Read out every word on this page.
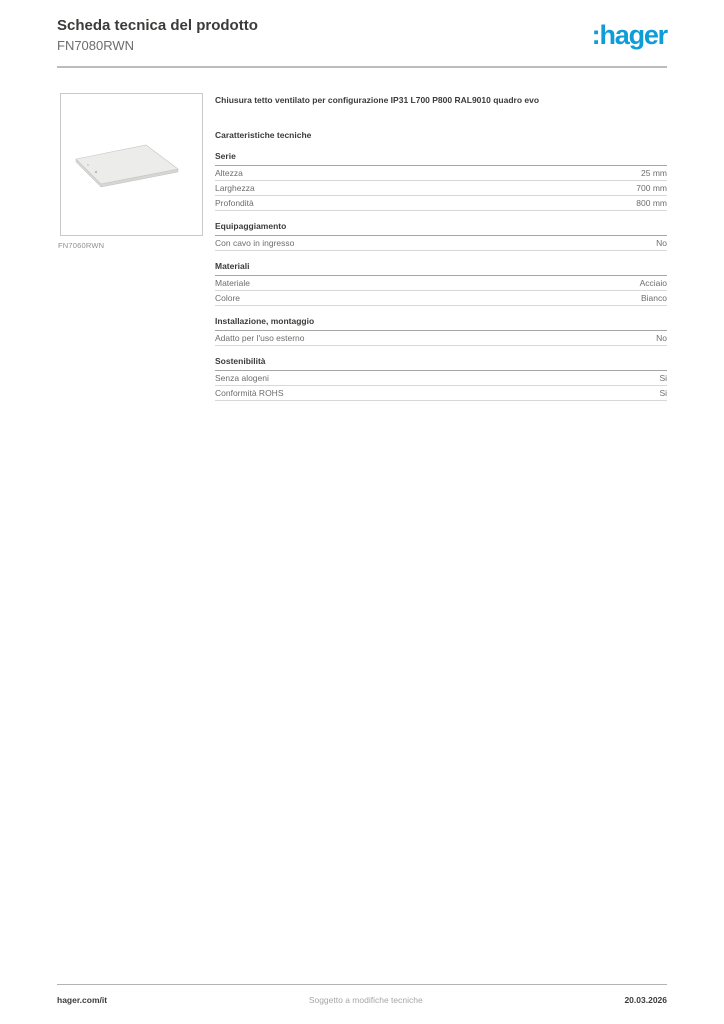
Scheda tecnica del prodotto
FN7080RWN	:hager
FN7060RWN
Chiusura tetto ventilato per configurazione IP31 L700 P800 RAL9010 quadro evo
Caratteristiche tecniche
Serie
Altezza	25 mm
Larghezza	700 mm
Profondità	800 mm
Equipaggiamento
Con cavo in ingresso	No
Materiali
Materiale	Acciaio
Colore	Bianco
Installazione, montaggio
Adatto per l'uso esterno	No
Sostenibilità
Senza alogeni	Si
Conformità ROHS	Si
hager.com/it	Soggetto a modifiche tecniche	20.03.2026
